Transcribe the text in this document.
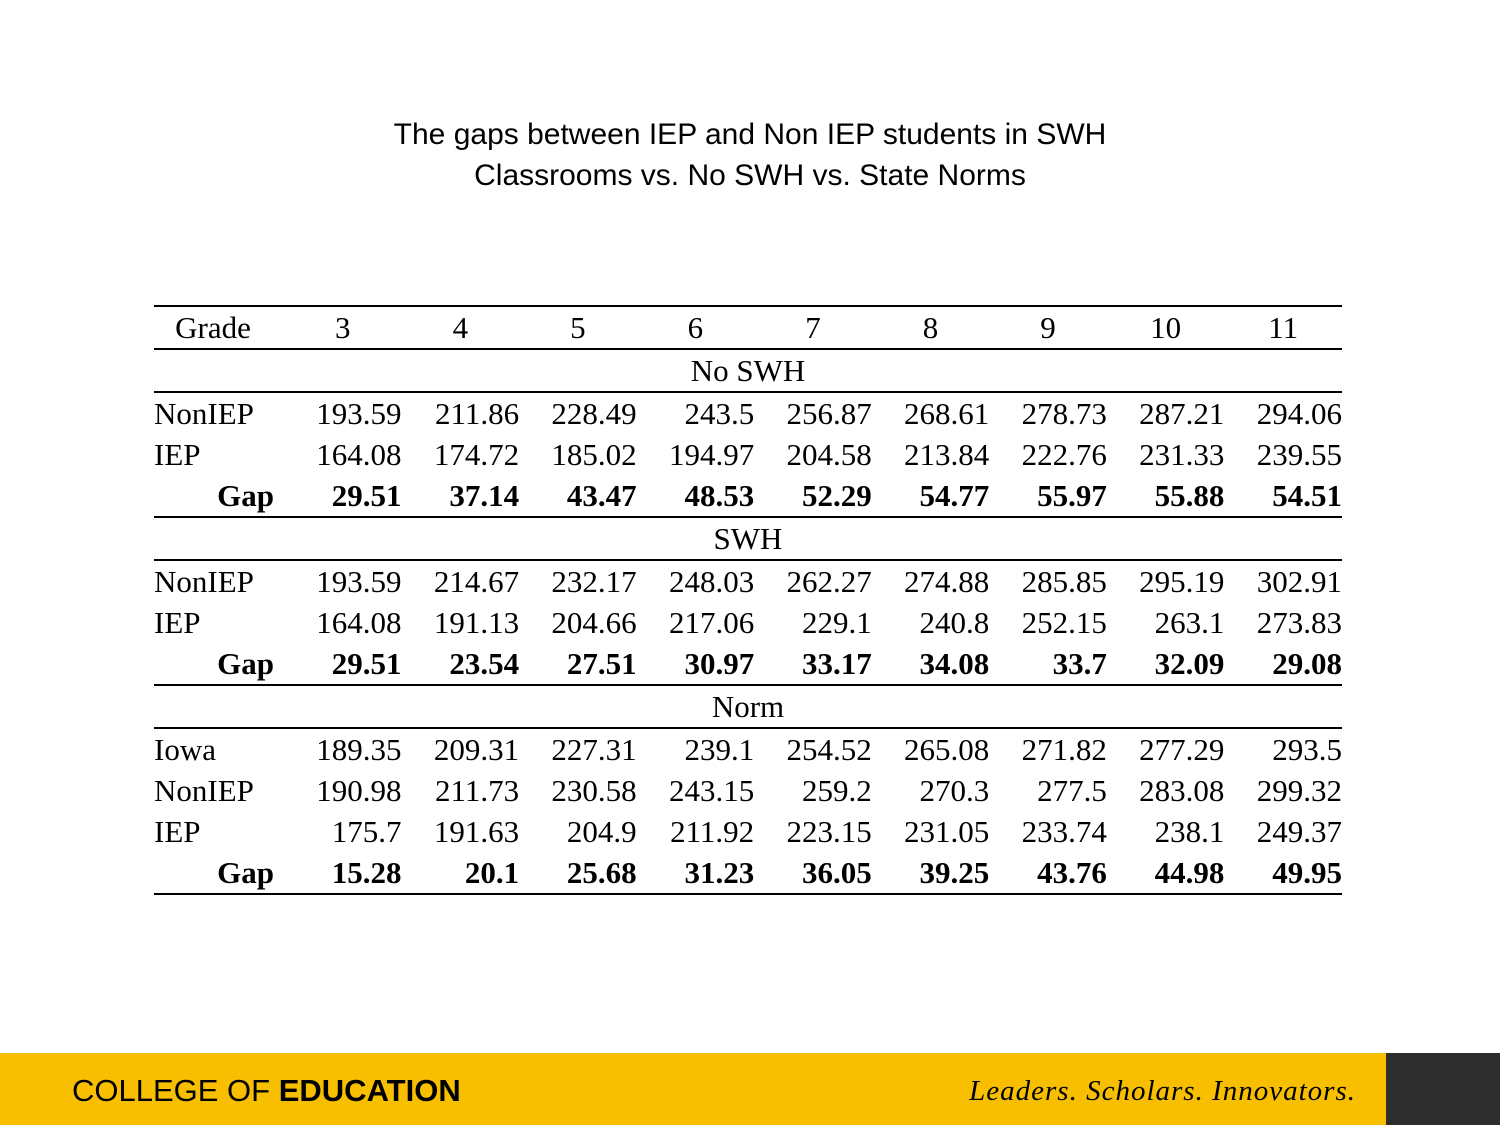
The gaps between IEP and Non IEP students in SWH
Classrooms vs. No SWH vs. State Norms
Grade	3	4	5	6	7	8	9	10	11
No SWH									
NonIEP	193.59	211.86	228.49	243.5	256.87	268.61	278.73	287.21	294.06
IEP	164.08	174.72	185.02	194.97	204.58	213.84	222.76	231.33	239.55
Gap	29.51	37.14	43.47	48.53	52.29	54.77	55.97	55.88	54.51
SWH									
NonIEP	193.59	214.67	232.17	248.03	262.27	274.88	285.85	295.19	302.91
IEP	164.08	191.13	204.66	217.06	229.1	240.8	252.15	263.1	273.83
Gap	29.51	23.54	27.51	30.97	33.17	34.08	33.7	32.09	29.08
Norm									
Iowa	189.35	209.31	227.31	239.1	254.52	265.08	271.82	277.29	293.5
NonIEP	190.98	211.73	230.58	243.15	259.2	270.3	277.5	283.08	299.32
IEP	175.7	191.63	204.9	211.92	223.15	231.05	233.74	238.1	249.37
Gap	15.28	20.1	25.68	31.23	36.05	39.25	43.76	44.98	49.95
COLLEGE OF EDUCATION	Leaders. Scholars. Innovators.
